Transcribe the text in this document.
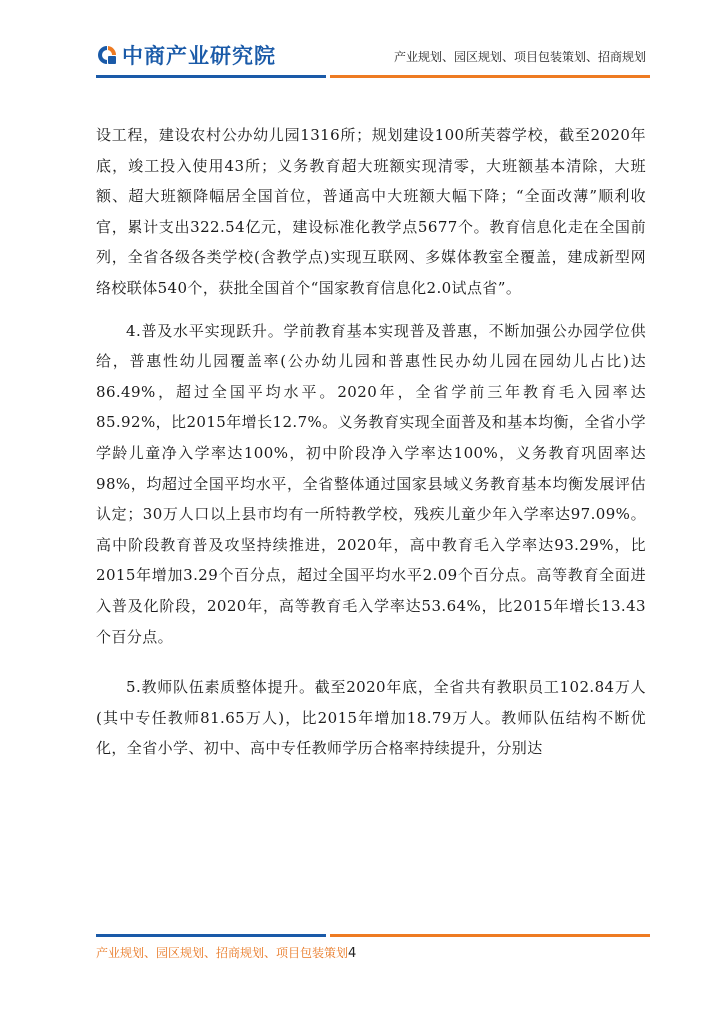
中商产业研究院	产业规划、园区规划、项目包装策划、招商规划

设工程，建设农村公办幼儿园1316所；规划建设100所芙蓉学校，截至2020年底，竣工投入使用43所；义务教育超大班额实现清零，大班额基本清除，大班额、超大班额降幅居全国首位，普通高中大班额大幅下降；“全面改薄”顺利收官，累计支出322.54亿元，建设标准化教学点5677个。教育信息化走在全国前列，全省各级各类学校(含教学点)实现互联网、多媒体教室全覆盖，建成新型网络校联体540个，获批全国首个“国家教育信息化2.0试点省”。

4.普及水平实现跃升。学前教育基本实现普及普惠，不断加强公办园学位供给，普惠性幼儿园覆盖率(公办幼儿园和普惠性民办幼儿园在园幼儿占比)达86.49%，超过全国平均水平。2020年，全省学前三年教育毛入园率达85.92%，比2015年增长12.7%。义务教育实现全面普及和基本均衡，全省小学学龄儿童净入学率达100%，初中阶段净入学率达100%，义务教育巩固率达98%，均超过全国平均水平，全省整体通过国家县域义务教育基本均衡发展评估认定；30万人口以上县市均有一所特教学校，残疾儿童少年入学率达97.09%。高中阶段教育普及攻坚持续推进，2020年，高中教育毛入学率达93.29%，比2015年增加3.29个百分点，超过全国平均水平2.09个百分点。高等教育全面进入普及化阶段，2020年，高等教育毛入学率达53.64%，比2015年增长13.43个百分点。

5.教师队伍素质整体提升。截至2020年底，全省共有教职员工102.84万人(其中专任教师81.65万人)，比2015年增加18.79万人。教师队伍结构不断优化，全省小学、初中、高中专任教师学历合格率持续提升，分别达

产业规划、园区规划、招商规划、项目包装策划4
